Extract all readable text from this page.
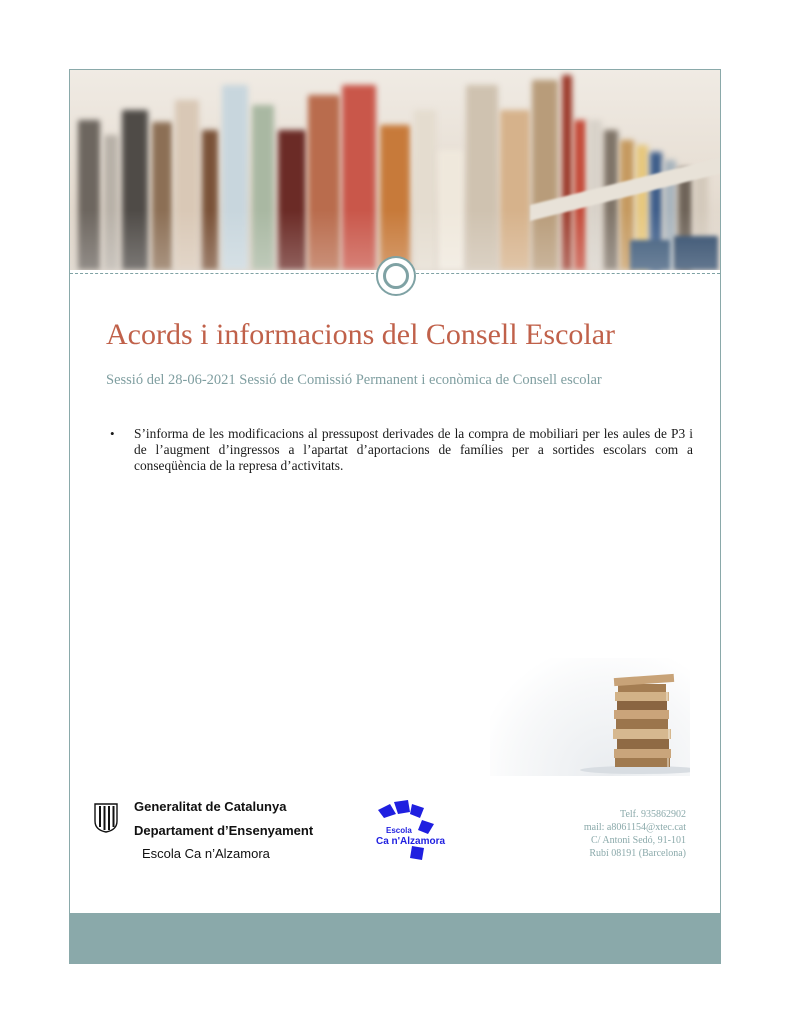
Acords i informacions del Consell Escolar

Sessió del 28-06-2021 Sessió de Comissió Permanent i econòmica de Consell escolar

• S’informa de les modificacions al pressupost derivades de la compra de mobiliari per les aules de P3 i de l’augment d’ingressos a l’apartat d’aportacions de famílies per a sortides escolars com a conseqüència de la represa d’activitats.
Generalitat de Catalunya
Departament d’Ensenyament
Escola Ca n’Alzamora
Escola
Ca n'Alzamora
Telf. 935862902
mail: a8061154@xtec.cat
C/ Antoni Sedó, 91-101
Rubí 08191 (Barcelona)
